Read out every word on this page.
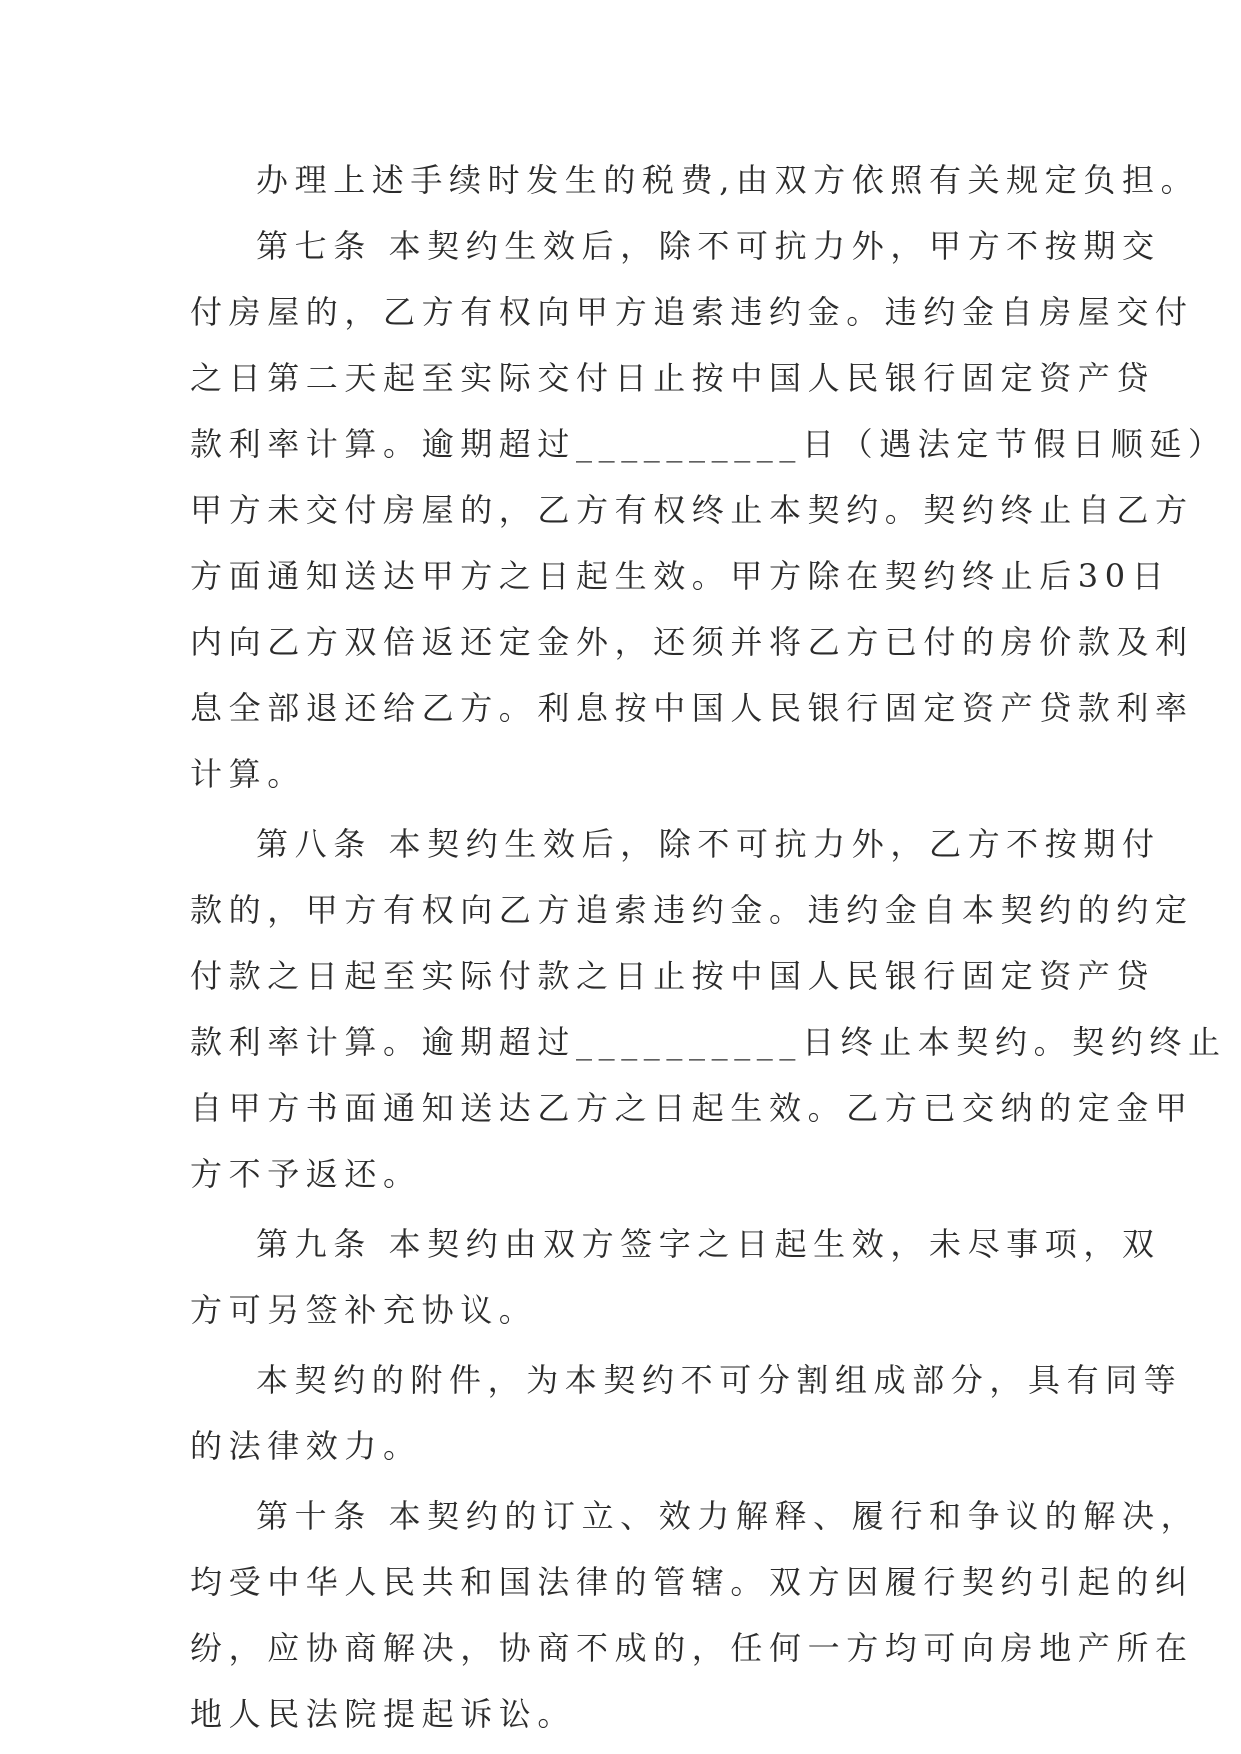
办理上述手续时发生的税费,由双方依照有关规定负担。

第七条 本契约生效后，除不可抗力外，甲方不按期交

付房屋的，乙方有权向甲方追索违约金。违约金自房屋交付

之日第二天起至实际交付日止按中国人民银行固定资产贷

款利率计算。逾期超过__________日（遇法定节假日顺延）

甲方未交付房屋的，乙方有权终止本契约。契约终止自乙方

方面通知送达甲方之日起生效。甲方除在契约终止后30日

内向乙方双倍返还定金外，还须并将乙方已付的房价款及利

息全部退还给乙方。利息按中国人民银行固定资产贷款利率

计算。

第八条 本契约生效后，除不可抗力外，乙方不按期付

款的，甲方有权向乙方追索违约金。违约金自本契约的约定

付款之日起至实际付款之日止按中国人民银行固定资产贷

款利率计算。逾期超过__________日终止本契约。契约终止

自甲方书面通知送达乙方之日起生效。乙方已交纳的定金甲

方不予返还。

第九条 本契约由双方签字之日起生效，未尽事项，双

方可另签补充协议。

本契约的附件，为本契约不可分割组成部分，具有同等

的法律效力。

第十条 本契约的订立、效力解释、履行和争议的解决，

均受中华人民共和国法律的管辖。双方因履行契约引起的纠

纷，应协商解决，协商不成的，任何一方均可向房地产所在

地人民法院提起诉讼。
